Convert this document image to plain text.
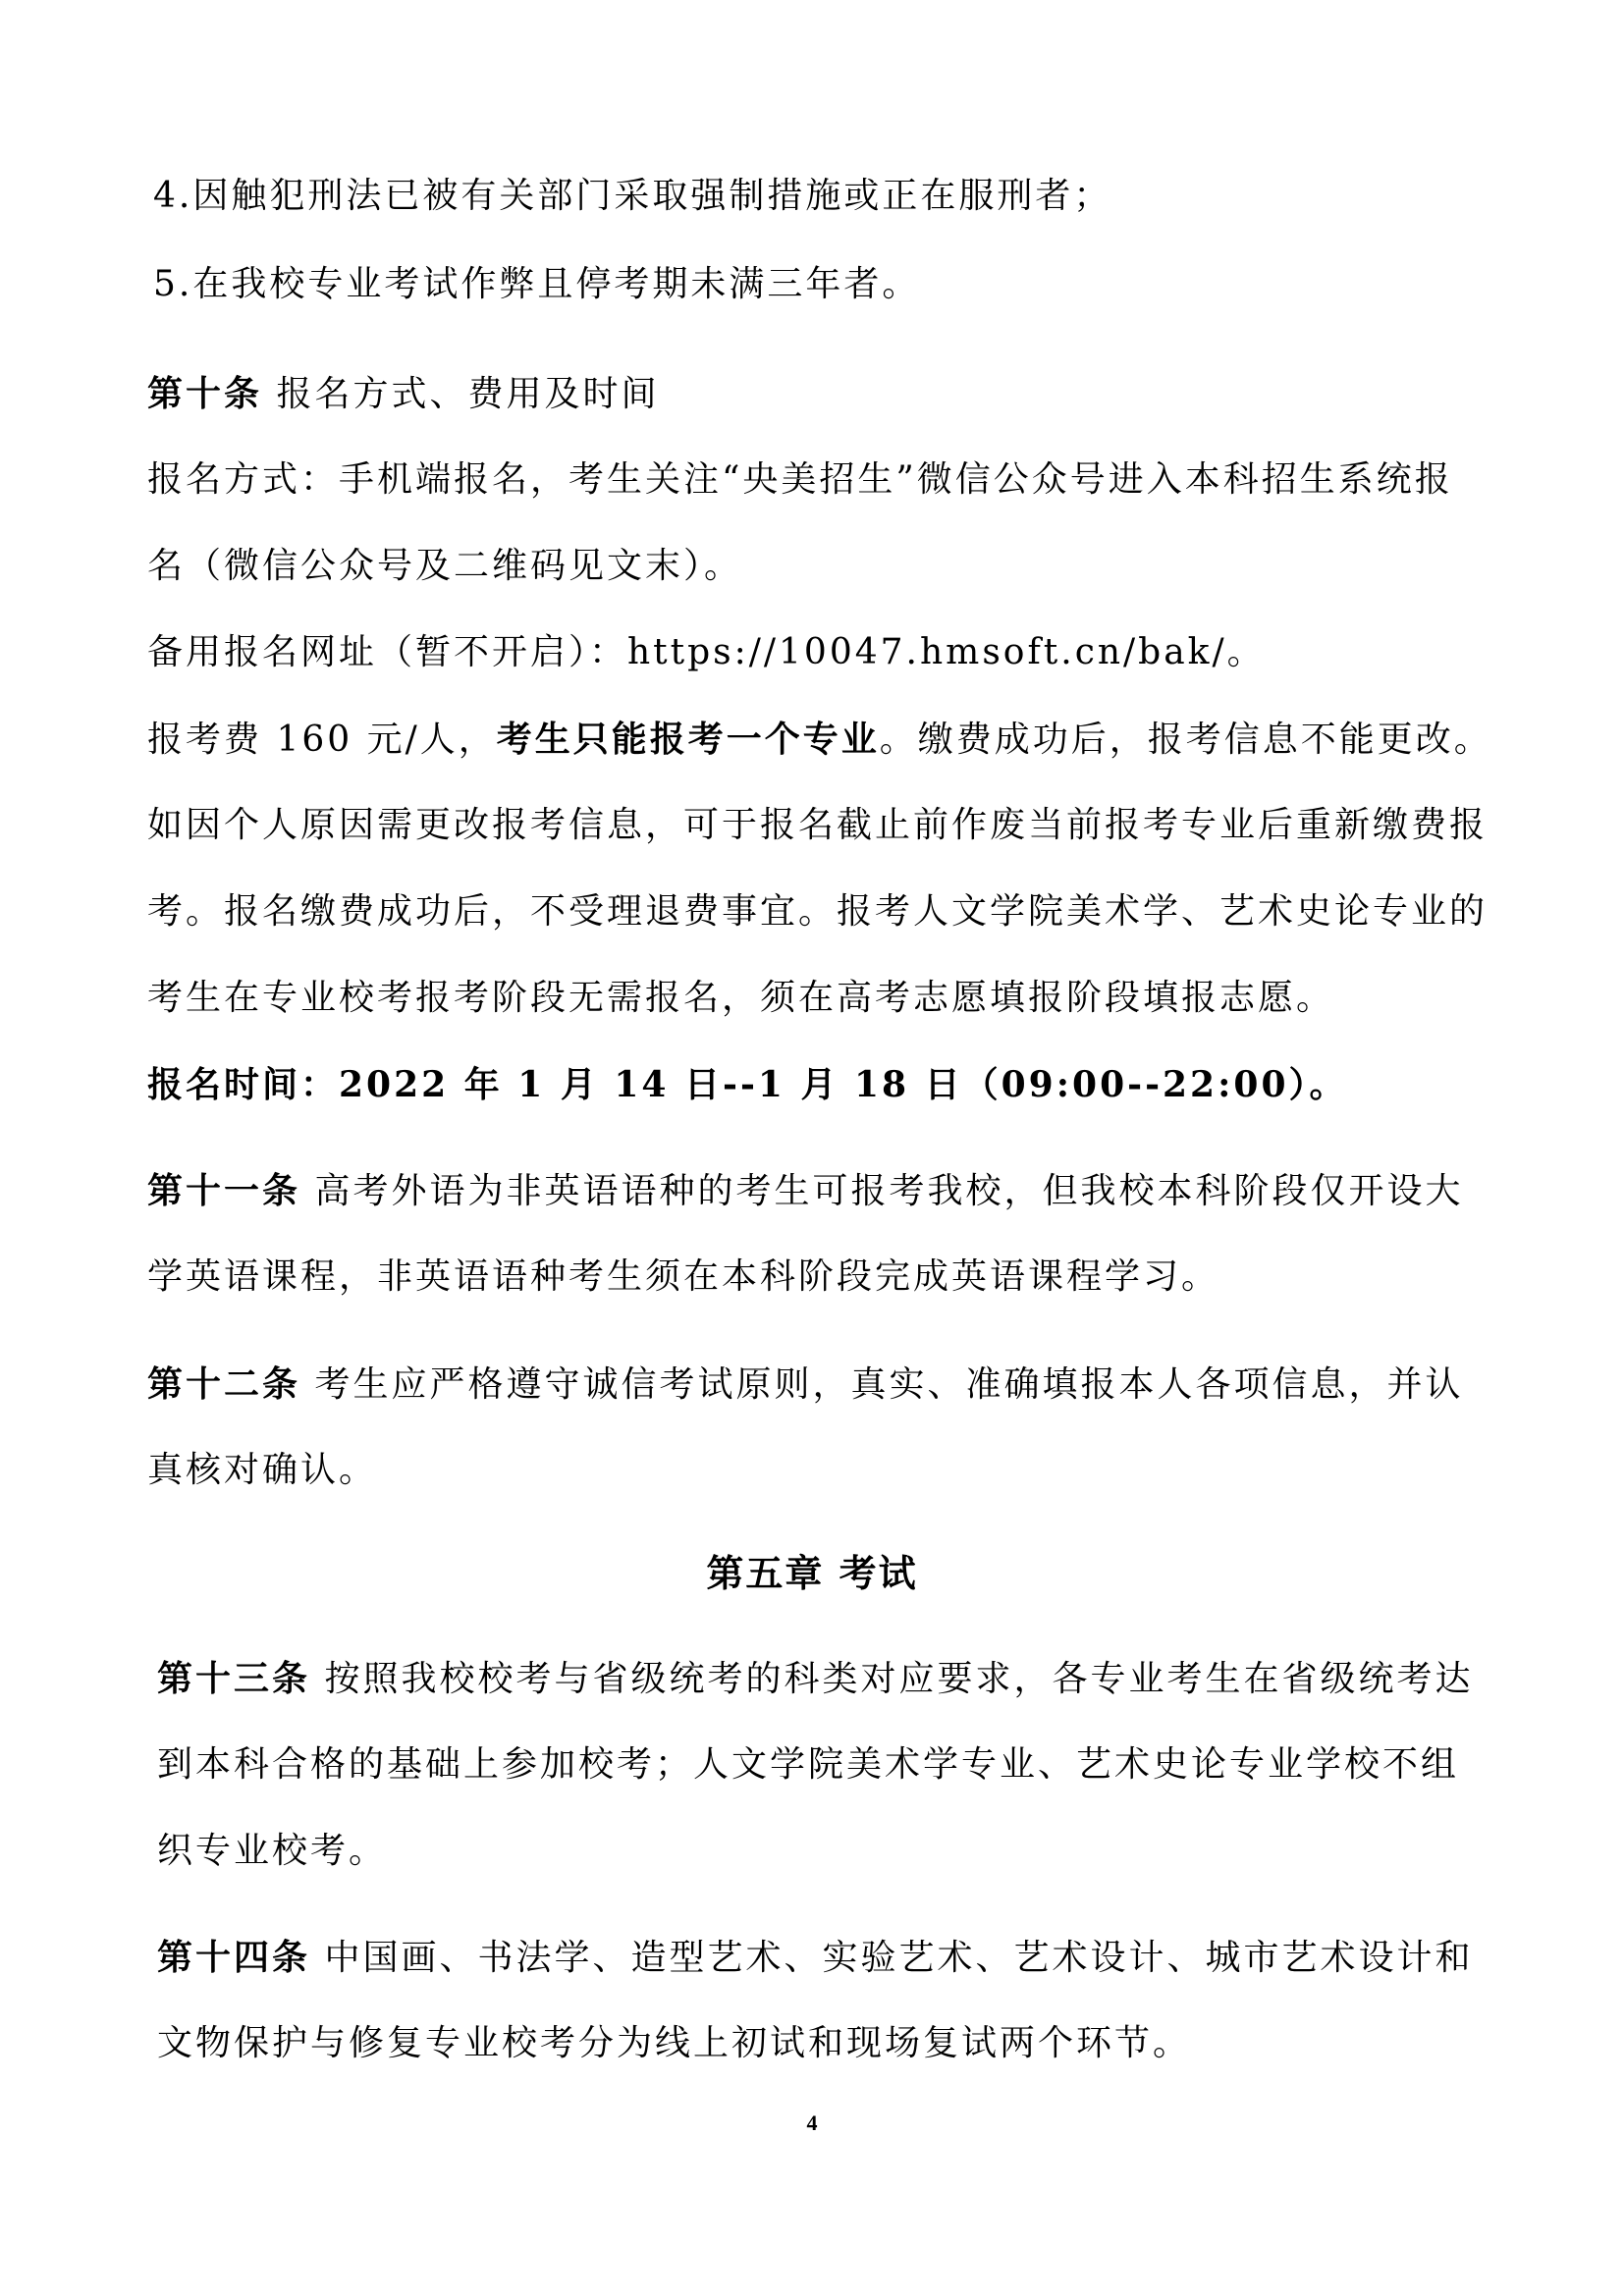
4.因触犯刑法已被有关部门采取强制措施或正在服刑者；
5.在我校专业考试作弊且停考期未满三年者。
第十条 报名方式、费用及时间
报名方式：手机端报名，考生关注“央美招生”微信公众号进入本科招生系统报
名（微信公众号及二维码见文末）。
备用报名网址（暂不开启）：https://10047.hmsoft.cn/bak/。
报考费 160 元/人，考生只能报考一个专业。缴费成功后，报考信息不能更改。
如因个人原因需更改报考信息，可于报名截止前作废当前报考专业后重新缴费报
考。报名缴费成功后，不受理退费事宜。报考人文学院美术学、艺术史论专业的
考生在专业校考报考阶段无需报名，须在高考志愿填报阶段填报志愿。
报名时间：2022 年 1 月 14 日--1 月 18 日（09:00--22:00）。
第十一条 高考外语为非英语语种的考生可报考我校，但我校本科阶段仅开设大
学英语课程，非英语语种考生须在本科阶段完成英语课程学习。
第十二条 考生应严格遵守诚信考试原则，真实、准确填报本人各项信息，并认
真核对确认。
第五章 考试
第十三条 按照我校校考与省级统考的科类对应要求，各专业考生在省级统考达
到本科合格的基础上参加校考；人文学院美术学专业、艺术史论专业学校不组
织专业校考。
第十四条 中国画、书法学、造型艺术、实验艺术、艺术设计、城市艺术设计和
文物保护与修复专业校考分为线上初试和现场复试两个环节。
4
